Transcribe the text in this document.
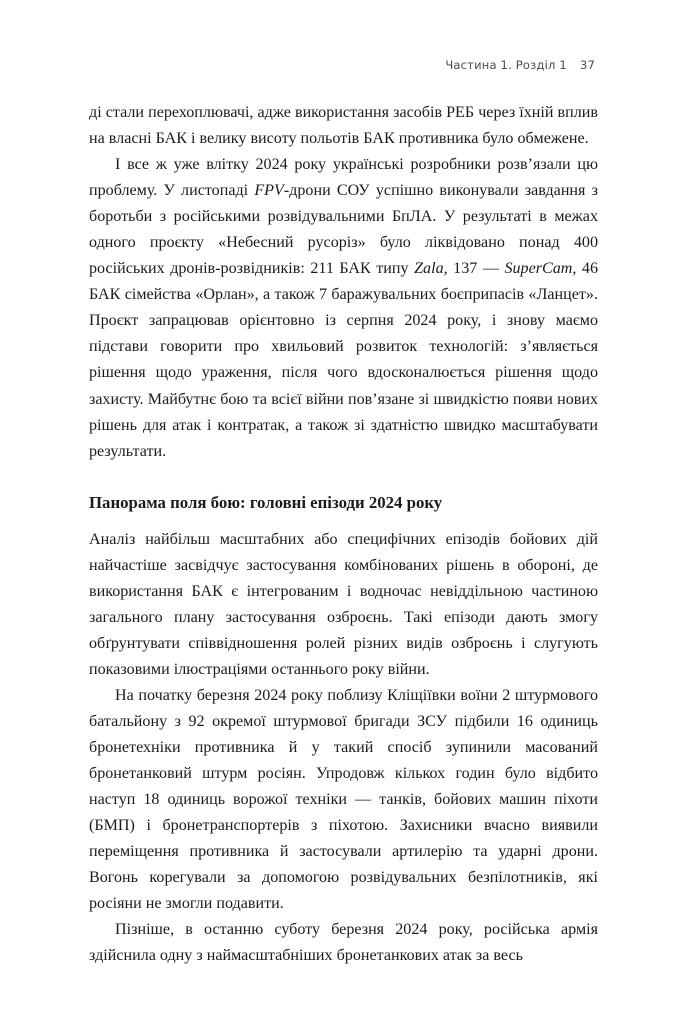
Частина 1. Розділ 1 37

ді стали перехоплювачі, адже використання засобів РЕБ через їхній вплив на власні БАК і велику висоту польотів БАК противника було обмежене.

І все ж уже влітку 2024 року українські розробники розв’язали цю проблему. У листопаді FPV-дрони СОУ успішно виконували завдання з боротьби з російськими розвідувальними БпЛА. У результаті в межах одного проєкту «Небесний русоріз» було ліквідовано понад 400 російських дронів-розвідників: 211 БАК типу Zala, 137 — SuperCam, 46 БАК сімейства «Орлан», а також 7 баражувальних боєприпасів «Ланцет». Проєкт запрацював орієнтовно із серпня 2024 року, і знову маємо підстави говорити про хвильовий розвиток технологій: з’являється рішення щодо ураження, після чого вдосконалюється рішення щодо захисту. Майбутнє бою та всієї війни пов’язане зі швидкістю появи нових рішень для атак і контратак, а також зі здатністю швидко масштабувати результати.

Панорама поля бою: головні епізоди 2024 року

Аналіз найбільш масштабних або специфічних епізодів бойових дій найчастіше засвідчує застосування комбінованих рішень в обороні, де використання БАК є інтегрованим і водночас невіддільною частиною загального плану застосування озброєнь. Такі епізоди дають змогу обґрунтувати співвідношення ролей різних видів озброєнь і слугують показовими ілюстраціями останнього року війни.

На початку березня 2024 року поблизу Кліщіївки воїни 2 штурмового батальйону з 92 окремої штурмової бригади ЗСУ підбили 16 одиниць бронетехніки противника й у такий спосіб зупинили масований бронетанковий штурм росіян. Упродовж кількох годин було відбито наступ 18 одиниць ворожої техніки — танків, бойових машин піхоти (БМП) і бронетранспортерів з піхотою. Захисники вчасно виявили переміщення противника й застосували артилерію та ударні дрони. Вогонь корегували за допомогою розвідувальних безпілотників, які росіяни не змогли подавити.

Пізніше, в останню суботу березня 2024 року, російська армія здійснила одну з наймасштабніших бронетанкових атак за весь
